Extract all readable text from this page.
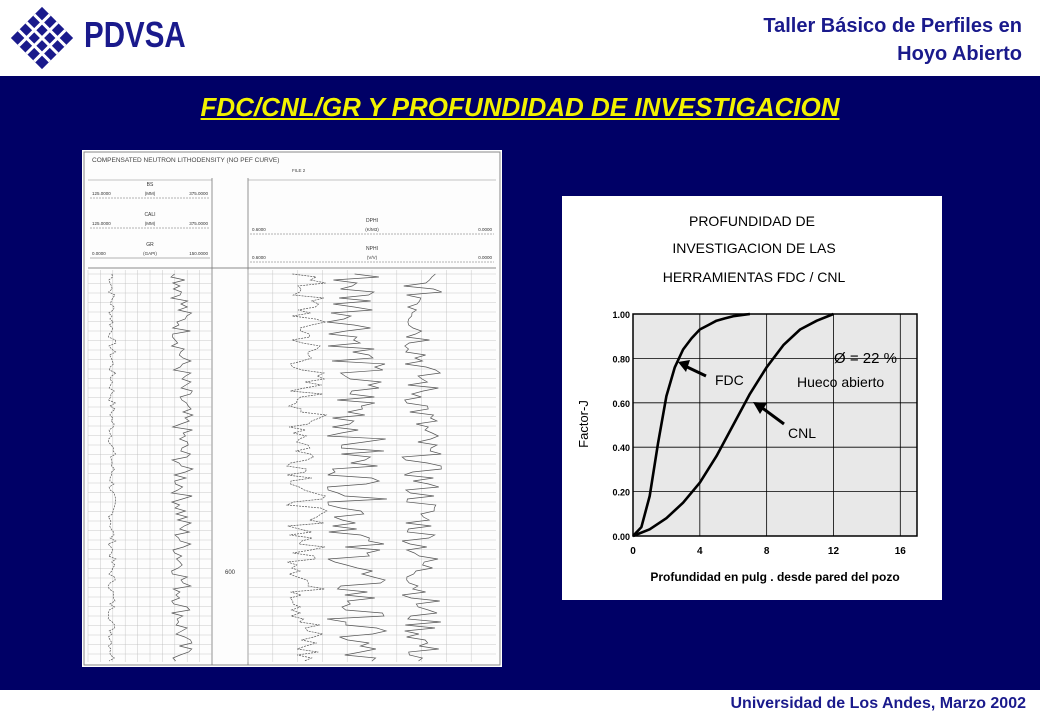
PDVSA	Taller Básico de Perfiles en
Hoyo Abierto
FDC/CNL/GR Y PROFUNDIDAD DE INVESTIGACION
COMPENSATED NEUTRON LITHODENSITY (NO PEF CURVE)
FILE 2
BS
125.0000	(MM)	375.0000
CALI
125.0000	(MM)	375.0000
GR
0.0000	(GAPI)	150.0000
DPHI
0.6000	(K/M3)	0.0000
NPHI
0.6000	(V/V)	0.0000
600
PROFUNDIDAD DE
INVESTIGACION DE LAS
HERRAMIENTAS FDC / CNL
0	4	8	12	16
0.00
0.20
0.40
0.60
0.80
1.00
Factor-J
Profundidad en pulg . desde pared del pozo
Ø = 22 %
Hueco abierto
FDC
CNL
Universidad de Los Andes, Marzo 2002
